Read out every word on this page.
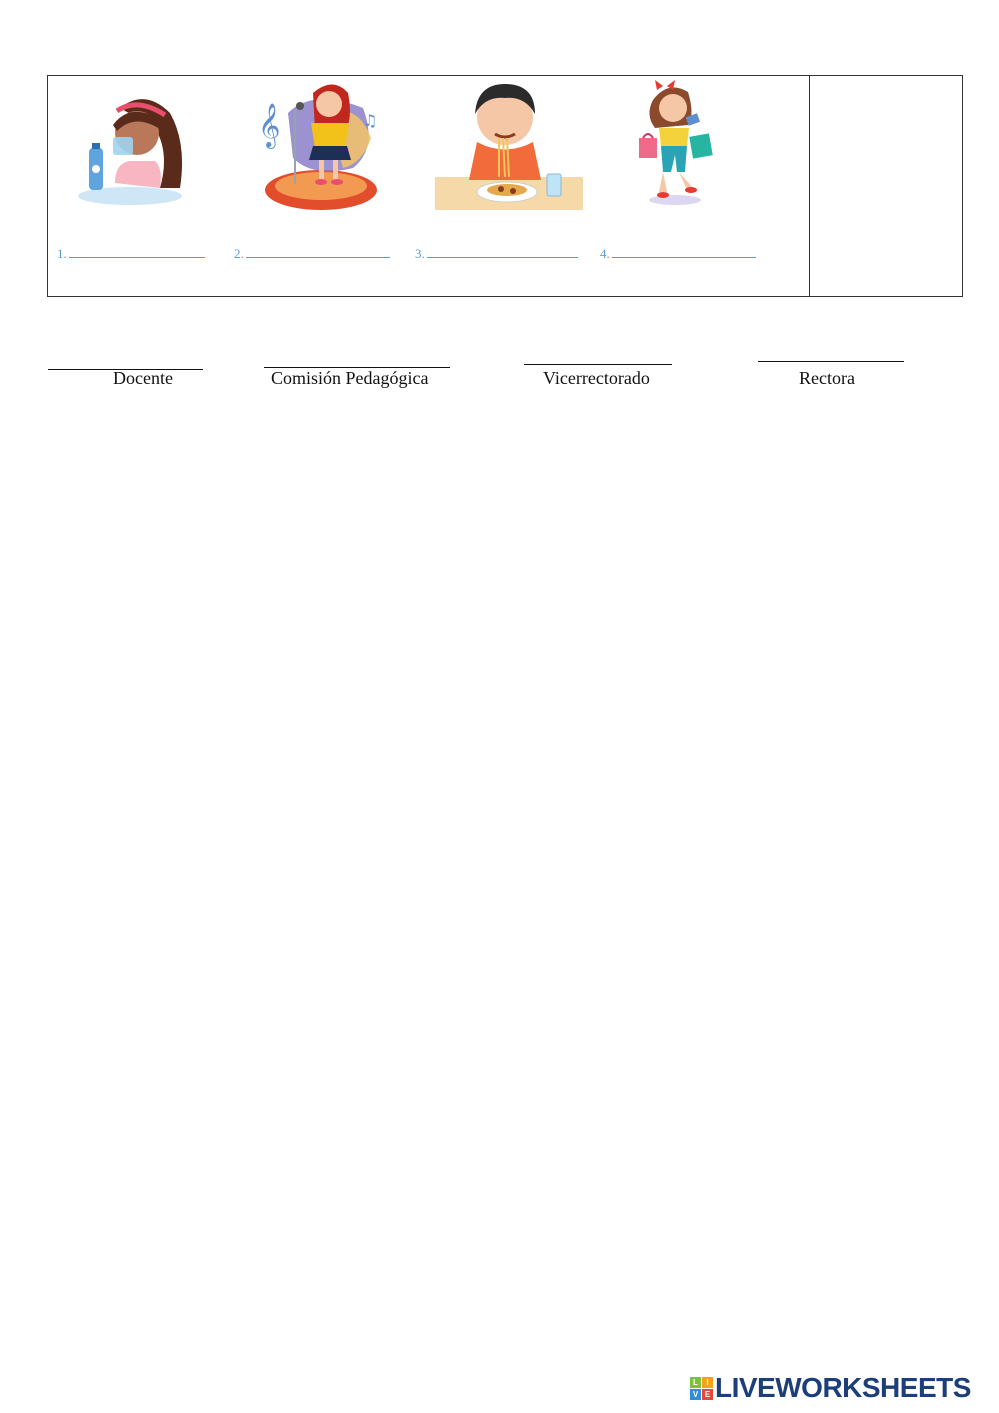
𝄞	♫
1.	2.	3.	4.
Docente	Comisión Pedagógica	Vicerrectorado	Rectora
L	I
V E LIVEWORKSHEETS
